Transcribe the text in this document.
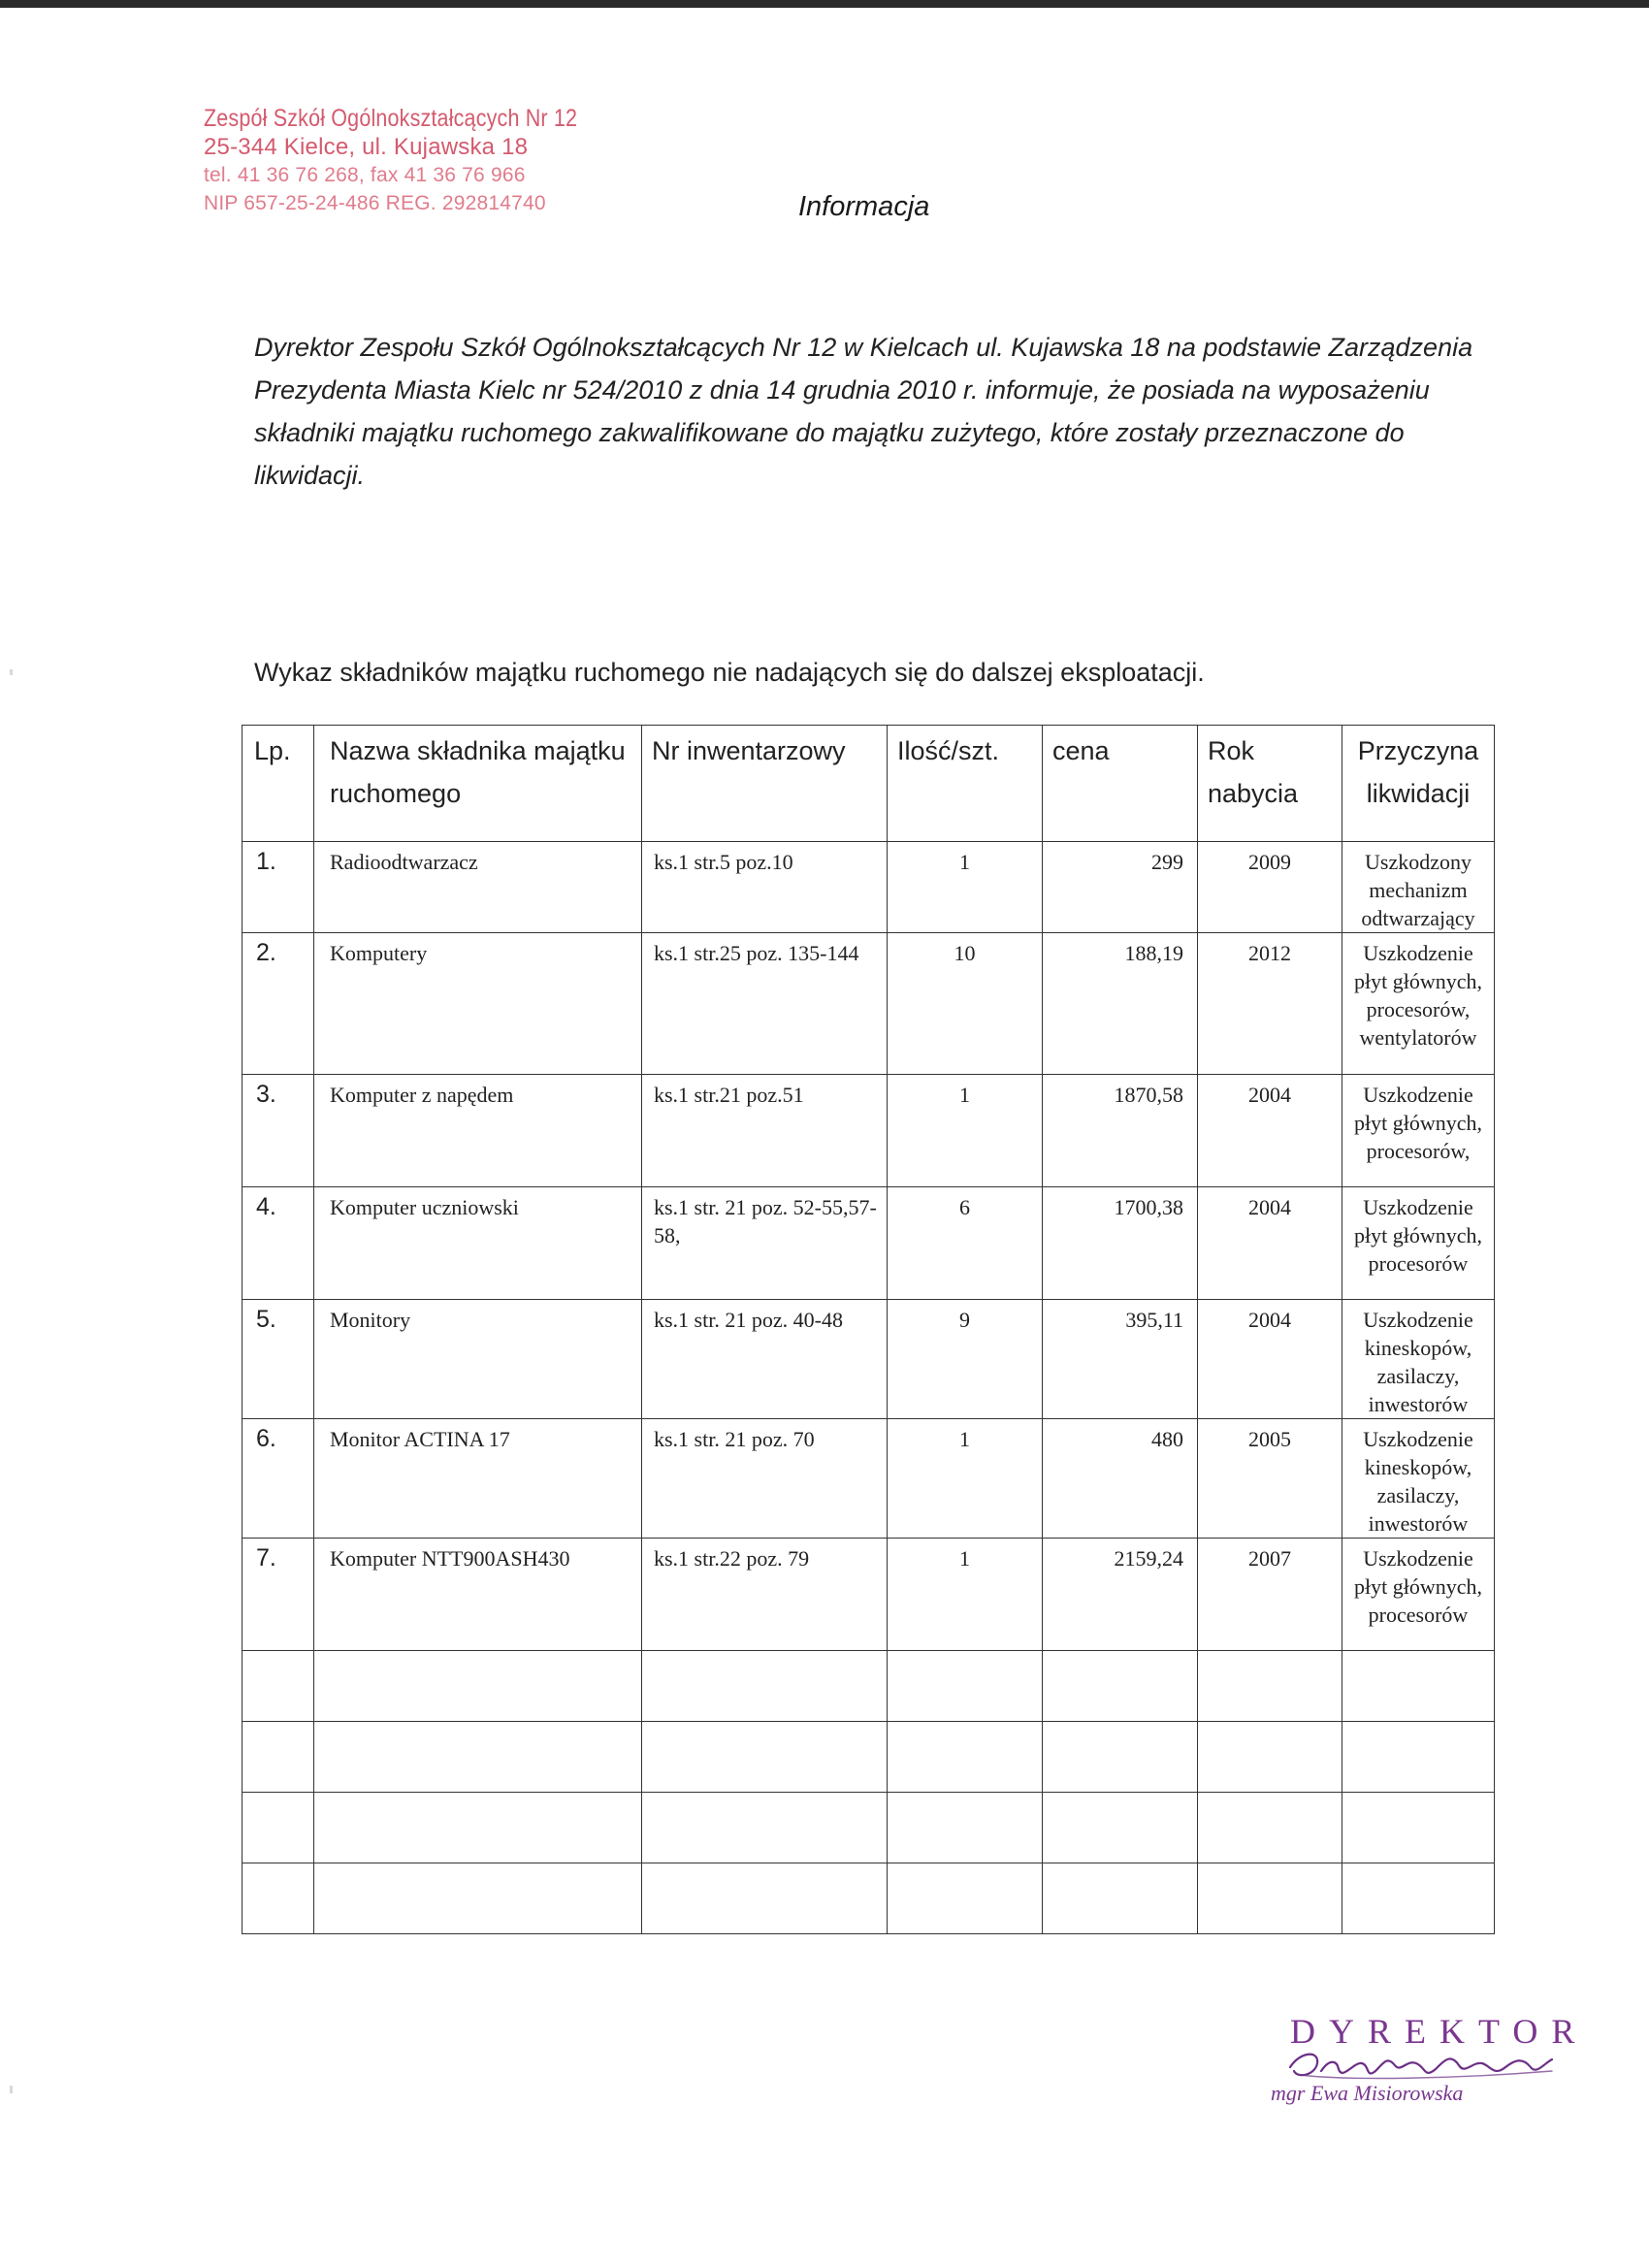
Zespół Szkół Ogólnokształcących Nr 12
25-344 Kielce, ul. Kujawska 18
tel. 41 36 76 268, fax 41 36 76 966
NIP 657-25-24-486 REG. 292814740	Informacja
Dyrektor Zespołu Szkół Ogólnokształcących Nr 12 w Kielcach ul. Kujawska 18 na podstawie Zarządzenia Prezydenta Miasta Kielc nr 524/2010 z dnia 14 grudnia 2010 r. informuje, że posiada na wyposażeniu składniki majątku ruchomego zakwalifikowane do majątku zużytego, które zostały przeznaczone do likwidacji.
Wykaz składników majątku ruchomego nie nadających się do dalszej eksploatacji.
Lp.	Nazwa składnika majątku ruchomego	Nr inwentarzowy	Ilość/szt.	cena	Rok nabycia	Przyczyna likwidacji
1.	Radioodtwarzacz	ks.1 str.5 poz.10	1	299	2009	Uszkodzony mechanizm odtwarzający
2.	Komputery	ks.1 str.25 poz. 135-144	10	188,19	2012	Uszkodzenie płyt głównych, procesorów, wentylatorów
3.	Komputer z napędem	ks.1 str.21 poz.51	1	1870,58	2004	Uszkodzenie płyt głównych, procesorów,
4.	Komputer uczniowski	ks.1 str. 21 poz. 52-55,57-58,	6	1700,38	2004	Uszkodzenie płyt głównych, procesorów
5.	Monitory	ks.1 str. 21 poz. 40-48	9	395,11	2004	Uszkodzenie kineskopów, zasilaczy, inwestorów
6.	Monitor ACTINA 17	ks.1 str. 21 poz. 70	1	480	2005	Uszkodzenie kineskopów, zasilaczy, inwestorów
7.	Komputer NTT900ASH430	ks.1 str.22 poz. 79	1	2159,24	2007	Uszkodzenie płyt głównych, procesorów

DYREKTOR
mgr Ewa Misiorowska
